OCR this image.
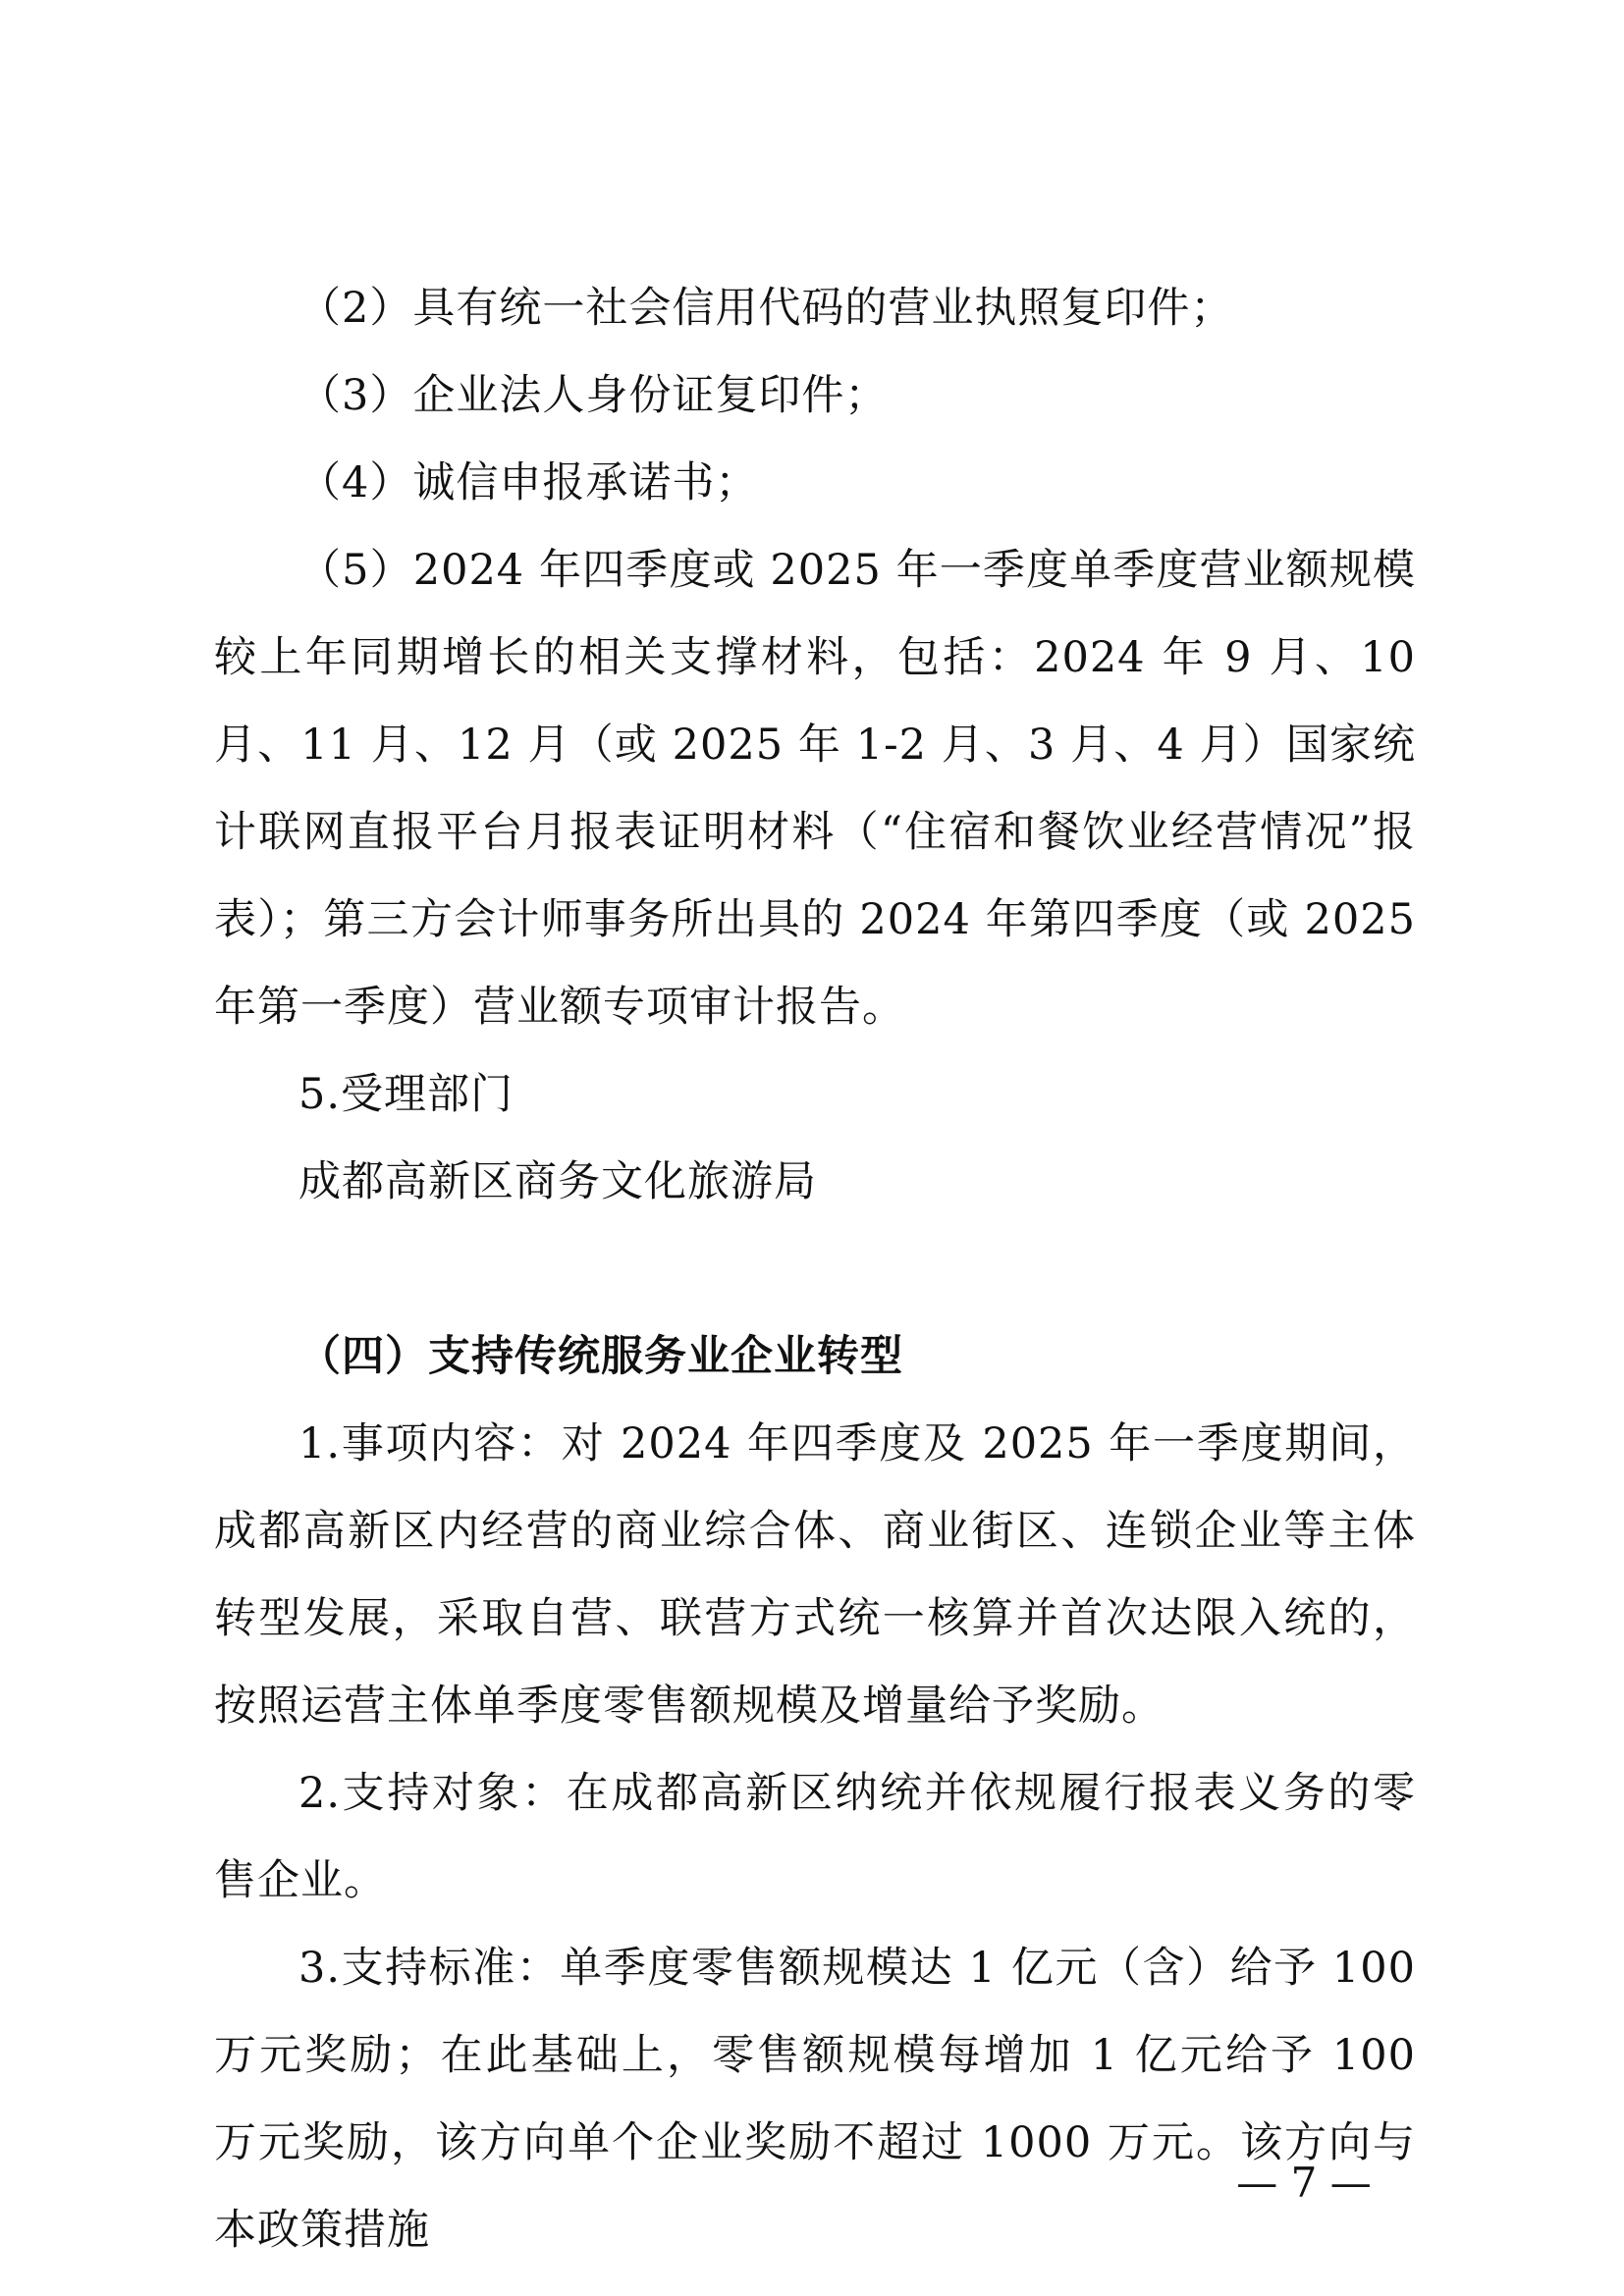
（2）具有统一社会信用代码的营业执照复印件；

（3）企业法人身份证复印件；

（4）诚信申报承诺书；

（5）2024 年四季度或 2025 年一季度单季度营业额规模较上年同期增长的相关支撑材料，包括：2024 年 9 月、10 月、11 月、12 月（或 2025 年 1-2 月、3 月、4 月）国家统计联网直报平台月报表证明材料（“住宿和餐饮业经营情况”报表）；第三方会计师事务所出具的 2024 年第四季度（或 2025 年第一季度）营业额专项审计报告。

5.受理部门

成都高新区商务文化旅游局

（四）支持传统服务业企业转型

1.事项内容：对 2024 年四季度及 2025 年一季度期间，成都高新区内经营的商业综合体、商业街区、连锁企业等主体转型发展，采取自营、联营方式统一核算并首次达限入统的，按照运营主体单季度零售额规模及增量给予奖励。

2.支持对象：在成都高新区纳统并依规履行报表义务的零售企业。

3.支持标准：单季度零售额规模达 1 亿元（含）给予 100 万元奖励；在此基础上，零售额规模每增加 1 亿元给予 100 万元奖励，该方向单个企业奖励不超过 1000 万元。该方向与本政策措施

— 7 —
